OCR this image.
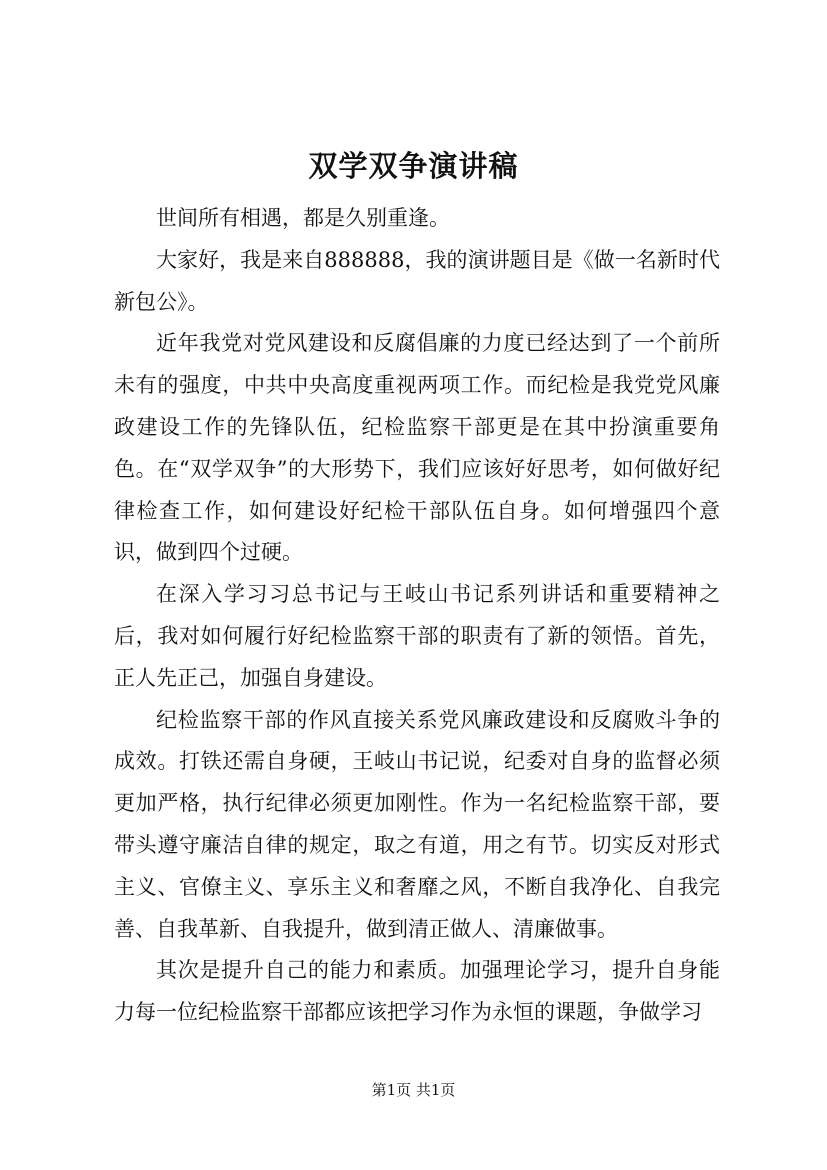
双学双争演讲稿

世间所有相遇，都是久别重逢。

大家好，我是来自888888，我的演讲题目是《做一名新时代新包公》。

近年我党对党风建设和反腐倡廉的力度已经达到了一个前所未有的强度，中共中央高度重视两项工作。而纪检是我党党风廉政建设工作的先锋队伍，纪检监察干部更是在其中扮演重要角色。在“双学双争”的大形势下，我们应该好好思考，如何做好纪律检查工作，如何建设好纪检干部队伍自身。如何增强四个意识，做到四个过硬。

在深入学习习总书记与王岐山书记系列讲话和重要精神之后，我对如何履行好纪检监察干部的职责有了新的领悟。首先，正人先正己，加强自身建设。

纪检监察干部的作风直接关系党风廉政建设和反腐败斗争的成效。打铁还需自身硬，王岐山书记说，纪委对自身的监督必须更加严格，执行纪律必须更加刚性。作为一名纪检监察干部，要带头遵守廉洁自律的规定，取之有道，用之有节。切实反对形式主义、官僚主义、享乐主义和奢靡之风，不断自我净化、自我完善、自我革新、自我提升，做到清正做人、清廉做事。

其次是提升自己的能力和素质。加强理论学习，提升自身能力每一位纪检监察干部都应该把学习作为永恒的课题，争做学习

第1页 共1页
